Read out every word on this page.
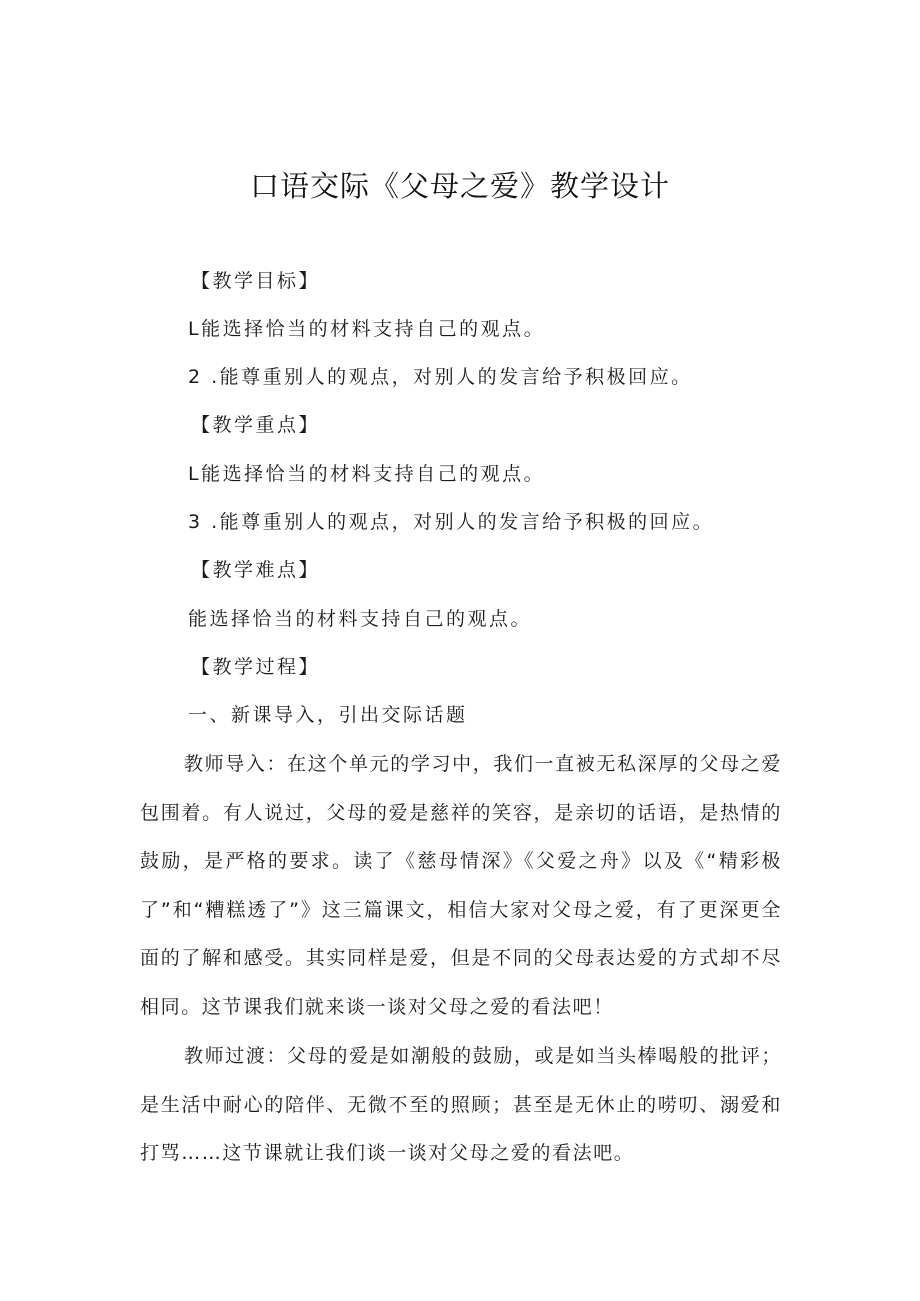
口语交际《父母之爱》教学设计
【教学目标】
L能选择恰当的材料支持自己的观点。
2 .能尊重别人的观点，对别人的发言给予积极回应。
【教学重点】
L能选择恰当的材料支持自己的观点。
3 .能尊重别人的观点，对别人的发言给予积极的回应。
【教学难点】
能选择恰当的材料支持自己的观点。
【教学过程】
一、新课导入，引出交际话题
教师导入：在这个单元的学习中，我们一直被无私深厚的父母之爱包围着。有人说过，父母的爱是慈祥的笑容，是亲切的话语，是热情的鼓励，是严格的要求。读了《慈母情深》《父爱之舟》以及《“精彩极了”和“糟糕透了”》这三篇课文，相信大家对父母之爱，有了更深更全面的了解和感受。其实同样是爱，但是不同的父母表达爱的方式却不尽相同。这节课我们就来谈一谈对父母之爱的看法吧！
教师过渡：父母的爱是如潮般的鼓励，或是如当头棒喝般的批评；是生活中耐心的陪伴、无微不至的照顾；甚至是无休止的唠叨、溺爱和打骂……这节课就让我们谈一谈对父母之爱的看法吧。
